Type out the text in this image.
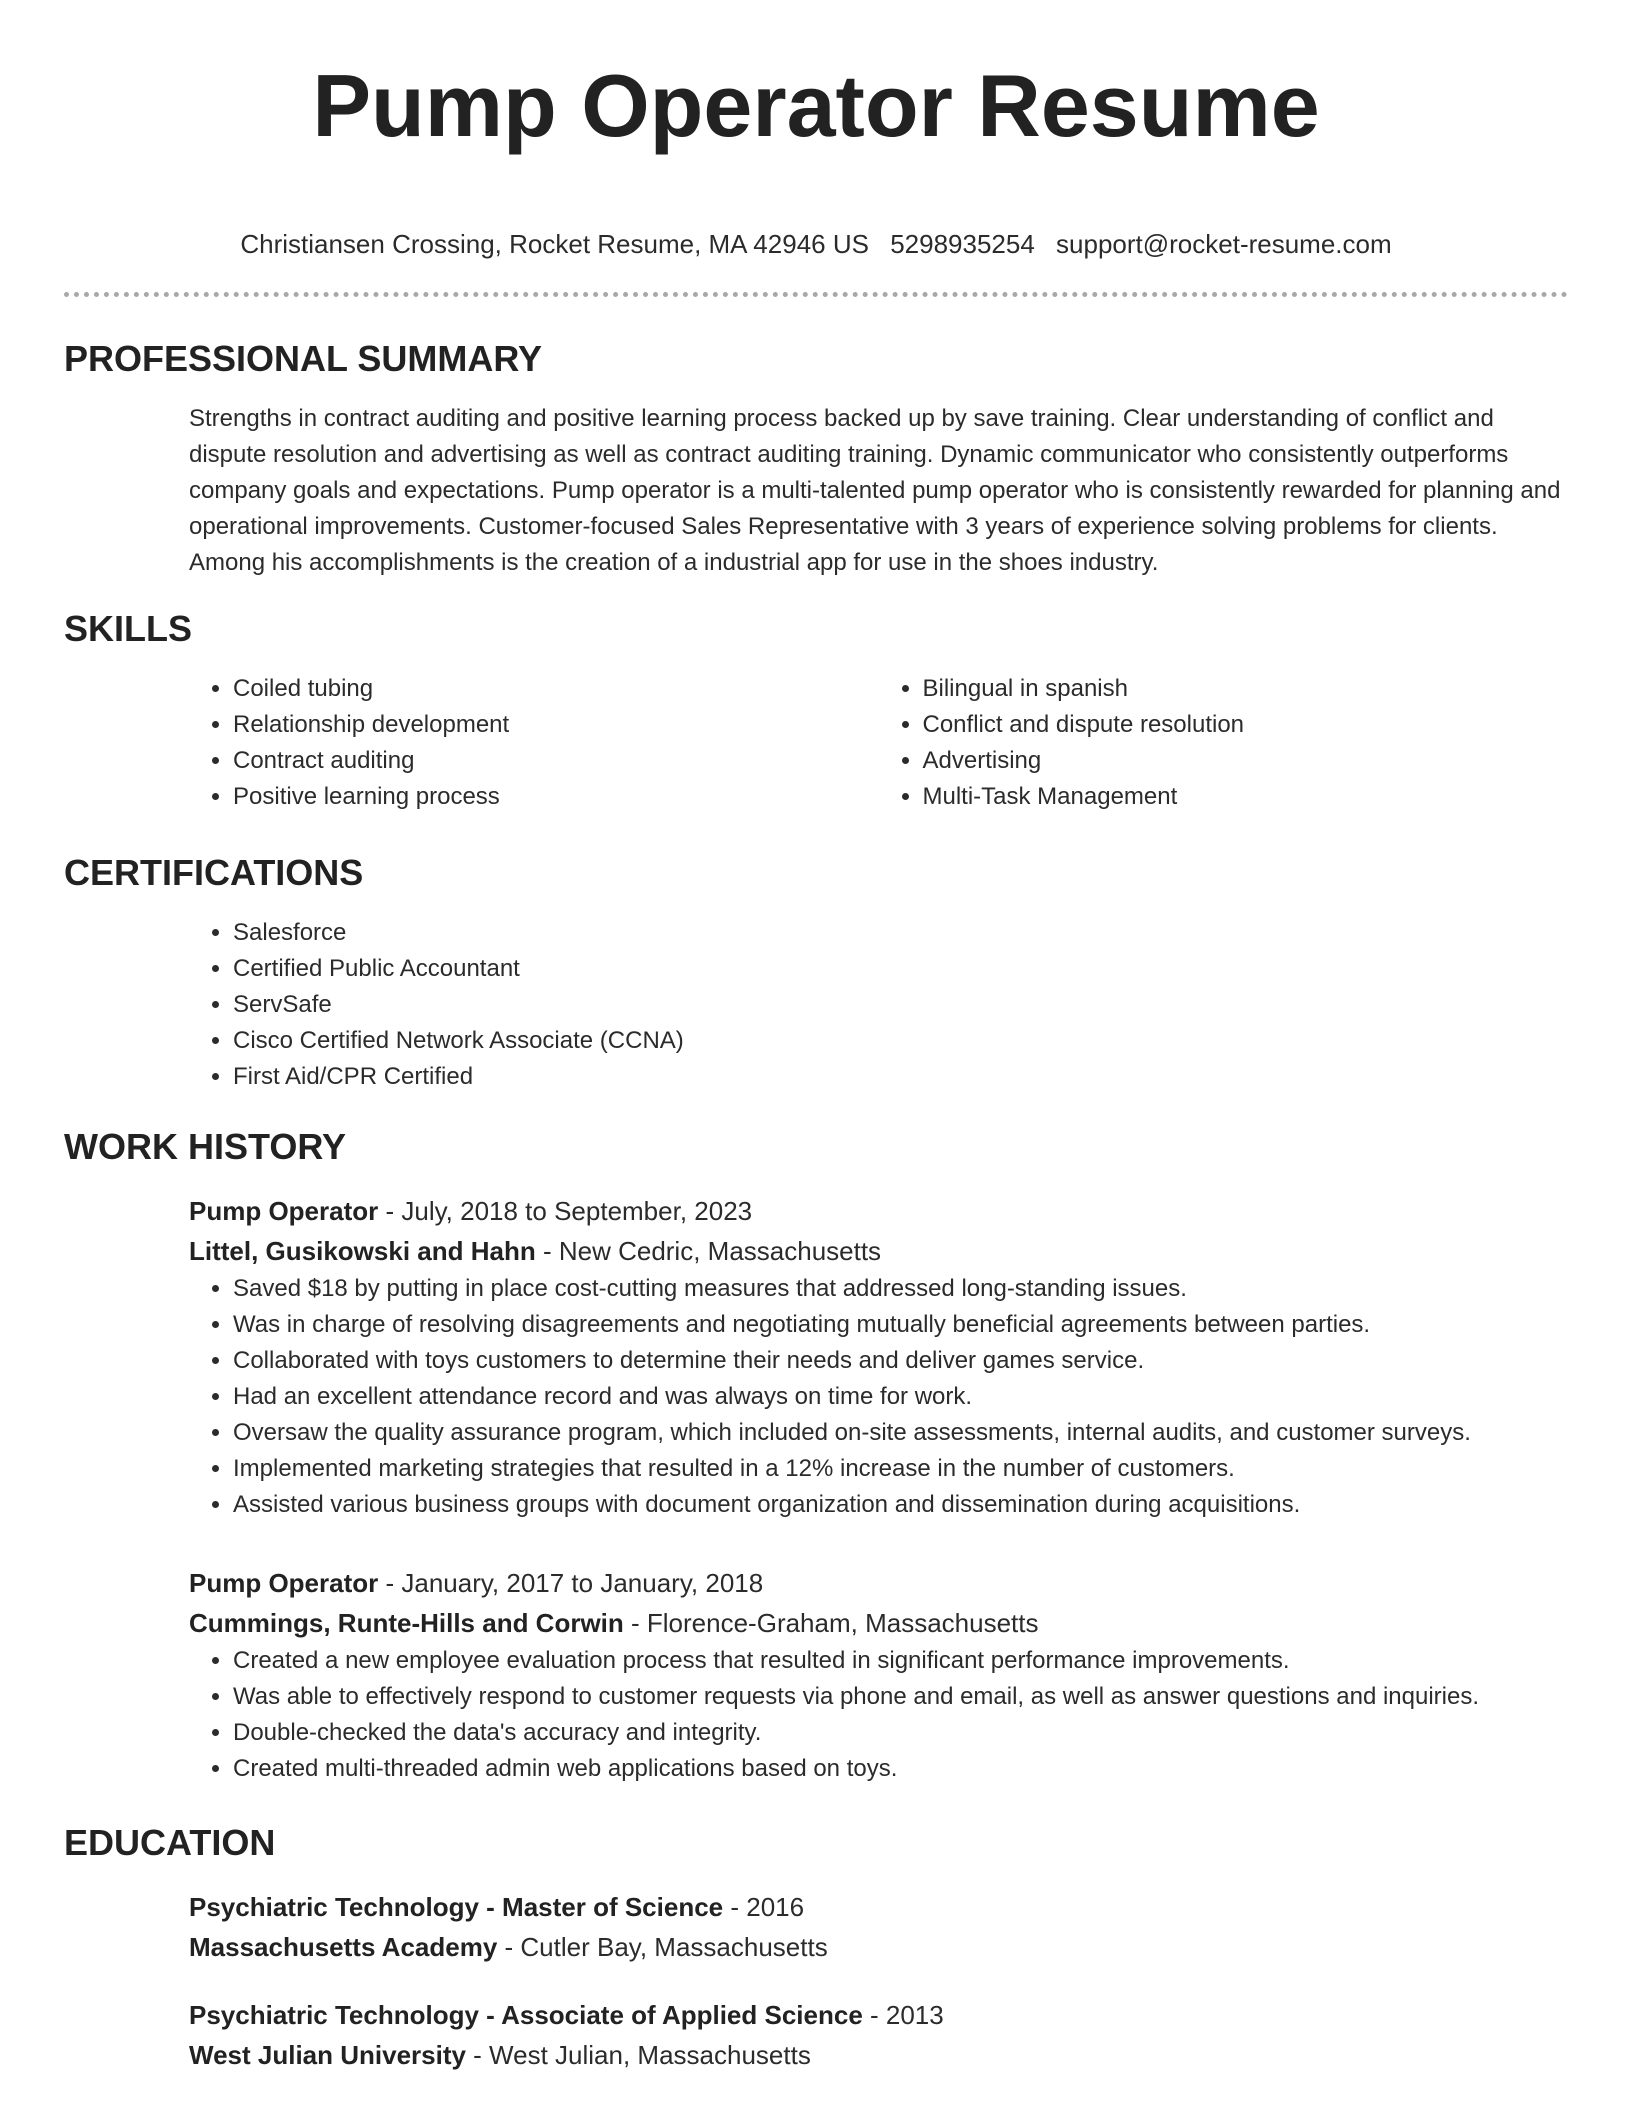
Pump Operator Resume
Christiansen Crossing, Rocket Resume, MA 42946 US 5298935254 support@rocket-resume.com
PROFESSIONAL SUMMARY
Strengths in contract auditing and positive learning process backed up by save training. Clear understanding of conflict and dispute resolution and advertising as well as contract auditing training. Dynamic communicator who consistently outperforms company goals and expectations. Pump operator is a multi-talented pump operator who is consistently rewarded for planning and operational improvements. Customer-focused Sales Representative with 3 years of experience solving problems for clients. Among his accomplishments is the creation of a industrial app for use in the shoes industry.
SKILLS
• Coiled tubing
• Relationship development
• Contract auditing
• Positive learning process
• Bilingual in spanish
• Conflict and dispute resolution
• Advertising
• Multi-Task Management
CERTIFICATIONS
• Salesforce
• Certified Public Accountant
• ServSafe
• Cisco Certified Network Associate (CCNA)
• First Aid/CPR Certified
WORK HISTORY
Pump Operator - July, 2018 to September, 2023
Littel, Gusikowski and Hahn - New Cedric, Massachusetts
• Saved $18 by putting in place cost-cutting measures that addressed long-standing issues.
• Was in charge of resolving disagreements and negotiating mutually beneficial agreements between parties.
• Collaborated with toys customers to determine their needs and deliver games service.
• Had an excellent attendance record and was always on time for work.
• Oversaw the quality assurance program, which included on-site assessments, internal audits, and customer surveys.
• Implemented marketing strategies that resulted in a 12% increase in the number of customers.
• Assisted various business groups with document organization and dissemination during acquisitions.
Pump Operator - January, 2017 to January, 2018
Cummings, Runte-Hills and Corwin - Florence-Graham, Massachusetts
• Created a new employee evaluation process that resulted in significant performance improvements.
• Was able to effectively respond to customer requests via phone and email, as well as answer questions and inquiries.
• Double-checked the data's accuracy and integrity.
• Created multi-threaded admin web applications based on toys.
EDUCATION
Psychiatric Technology - Master of Science - 2016
Massachusetts Academy - Cutler Bay, Massachusetts
Psychiatric Technology - Associate of Applied Science - 2013
West Julian University - West Julian, Massachusetts
